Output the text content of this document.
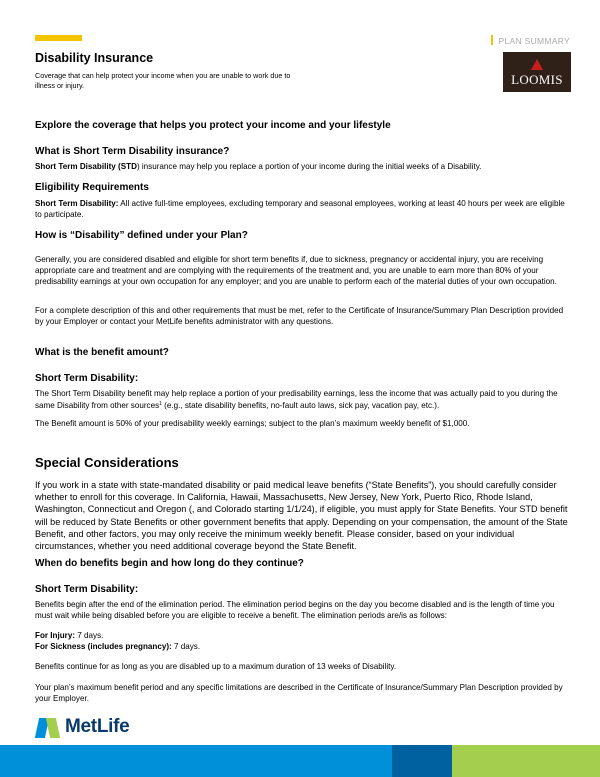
PLAN SUMMARY
Disability Insurance
Coverage that can help protect your income when you are unable to work due to illness or injury.	LOOMIS
Explore the coverage that helps you protect your income and your lifestyle
What is Short Term Disability insurance?
Short Term Disability (STD) insurance may help you replace a portion of your income during the initial weeks of a Disability.
Eligibility Requirements
Short Term Disability: All active full-time employees, excluding temporary and seasonal employees, working at least 40 hours per week are eligible to participate.
How is “Disability” defined under your Plan?
Generally, you are considered disabled and eligible for short term benefits if, due to sickness, pregnancy or accidental injury, you are receiving appropriate care and treatment and are complying with the requirements of the treatment and, you are unable to earn more than 80% of your predisability earnings at your own occupation for any employer; and you are unable to perform each of the material duties of your own occupation.
For a complete description of this and other requirements that must be met, refer to the Certificate of Insurance/Summary Plan Description provided by your Employer or contact your MetLife benefits administrator with any questions.
What is the benefit amount?
Short Term Disability:
The Short Term Disability benefit may help replace a portion of your predisability earnings, less the income that was actually paid to you during the same Disability from other sources$^1$ (e.g., state disability benefits, no-fault auto laws, sick pay, vacation pay, etc.).
The Benefit amount is 50% of your predisability weekly earnings; subject to the plan’s maximum weekly benefit of $1,000.
Special Considerations
If you work in a state with state-mandated disability or paid medical leave benefits (“State Benefits”), you should carefully consider whether to enroll for this coverage. In California, Hawaii, Massachusetts, New Jersey, New York, Puerto Rico, Rhode Island, Washington, Connecticut and Oregon (, and Colorado starting 1/1/24), if eligible, you must apply for State Benefits. Your STD benefit will be reduced by State Benefits or other government benefits that apply. Depending on your compensation, the amount of the State Benefit, and other factors, you may only receive the minimum weekly benefit. Please consider, based on your individual circumstances, whether you need additional coverage beyond the State Benefit.
When do benefits begin and how long do they continue?
Short Term Disability:
Benefits begin after the end of the elimination period. The elimination period begins on the day you become disabled and is the length of time you must wait while being disabled before you are eligible to receive a benefit. The elimination periods are/is as follows:
For Injury: 7 days.
For Sickness (includes pregnancy): 7 days.
Benefits continue for as long as you are disabled up to a maximum duration of 13 weeks of Disability.
Your plan’s maximum benefit period and any specific limitations are described in the Certificate of Insurance/Summary Plan Description provided by your Employer.
MetLife
